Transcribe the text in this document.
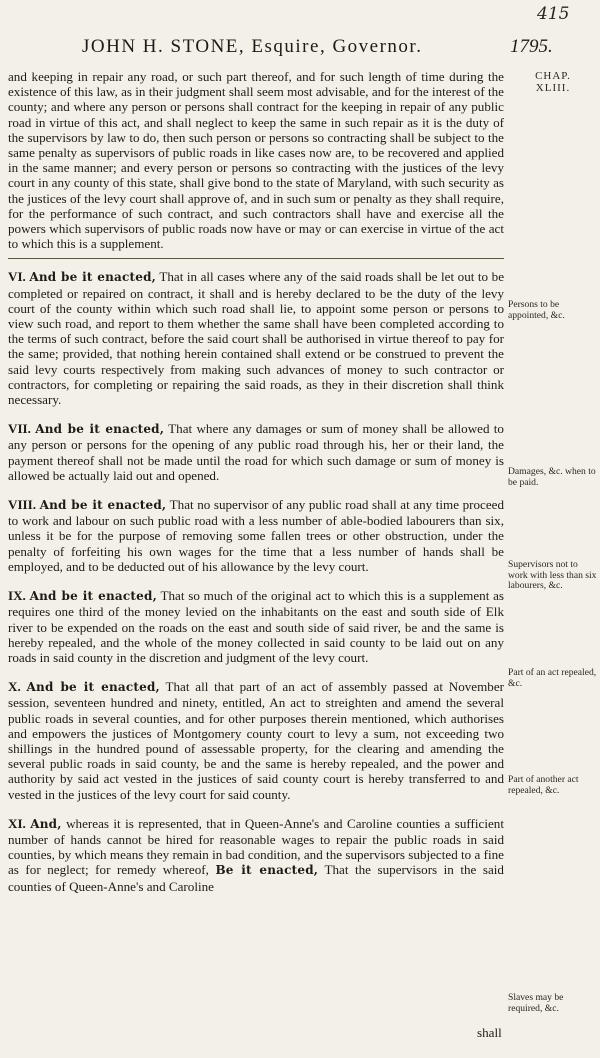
415
JOHN H. STONE, Esquire, Governor.	1795.
CHAP.
XLIII.

and keeping in repair any road, or such part thereof, and for such length of time during the existence of this law, as in their judgment shall seem most advisable, and for the interest of the county; and where any person or persons shall contract for the keeping in repair of any public road in virtue of this act, and shall neglect to keep the same in such repair as it is the duty of the supervisors by law to do, then such person or persons so contracting shall be subject to the same penalty as supervisors of public roads in like cases now are, to be recovered and applied in the same manner; and every person or persons so contracting with the justices of the levy court in any county of this state, shall give bond to the state of Maryland, with such security as the justices of the levy court shall approve of, and in such sum or penalty as they shall require, for the performance of such contract, and such contractors shall have and exercise all the powers which supervisors of public roads now have or may or can exercise in virtue of the act to which this is a supplement.

VI. And be it enacted, That in all cases where any of the said roads shall be let out to be completed or repaired on contract, it shall and is hereby declared to be the duty of the levy court of the county within which such road shall lie, to appoint some person or persons to view such road, and report to them whether the same shall have been completed according to the terms of such contract, before the said court shall be authorised in virtue thereof to pay for the same; provided, that nothing herein contained shall extend or be construed to prevent the said levy courts respectively from making such advances of money to such contractor or contractors, for completing or repairing the said roads, as they in their discretion shall think necessary.

VII. And be it enacted, That where any damages or sum of money shall be allowed to any person or persons for the opening of any public road through his, her or their land, the payment thereof shall not be made until the road for which such damage or sum of money is allowed be actually laid out and opened.

VIII. And be it enacted, That no supervisor of any public road shall at any time proceed to work and labour on such public road with a less number of able-bodied labourers than six, unless it be for the purpose of removing some fallen trees or other obstruction, under the penalty of forfeiting his own wages for the time that a less number of hands shall be employed, and to be deducted out of his allowance by the levy court.

IX. And be it enacted, That so much of the original act to which this is a supplement as requires one third of the money levied on the inhabitants on the east and south side of Elk river to be expended on the roads on the east and south side of said river, be and the same is hereby repealed, and the whole of the money collected in said county to be laid out on any roads in said county in the discretion and judgment of the levy court.

X. And be it enacted, That all that part of an act of assembly passed at November session, seventeen hundred and ninety, entitled, An act to streighten and amend the several public roads in several counties, and for other purposes therein mentioned, which authorises and empowers the justices of Montgomery county court to levy a sum, not exceeding two shillings in the hundred pound of assessable property, for the clearing and amending the several public roads in said county, be and the same is hereby repealed, and the power and authority by said act vested in the justices of said county court is hereby transferred to and vested in the justices of the levy court for said county.

XI. And, whereas it is represented, that in Queen-Anne's and Caroline counties a sufficient number of hands cannot be hired for reasonable wages to repair the public roads in said counties, by which means they remain in bad condition, and the supervisors subjected to a fine as for neglect; for remedy whereof, Be it enacted, That the supervisors in the said counties of Queen-Anne's and Caroline

Persons to be appointed, &c.
Damages, &c. when to be paid.
Supervisors not to work with less than six labourers, &c.
Part of an act repealed, &c.
Part of another act repealed, &c.
Slaves may be required, &c.
shall
